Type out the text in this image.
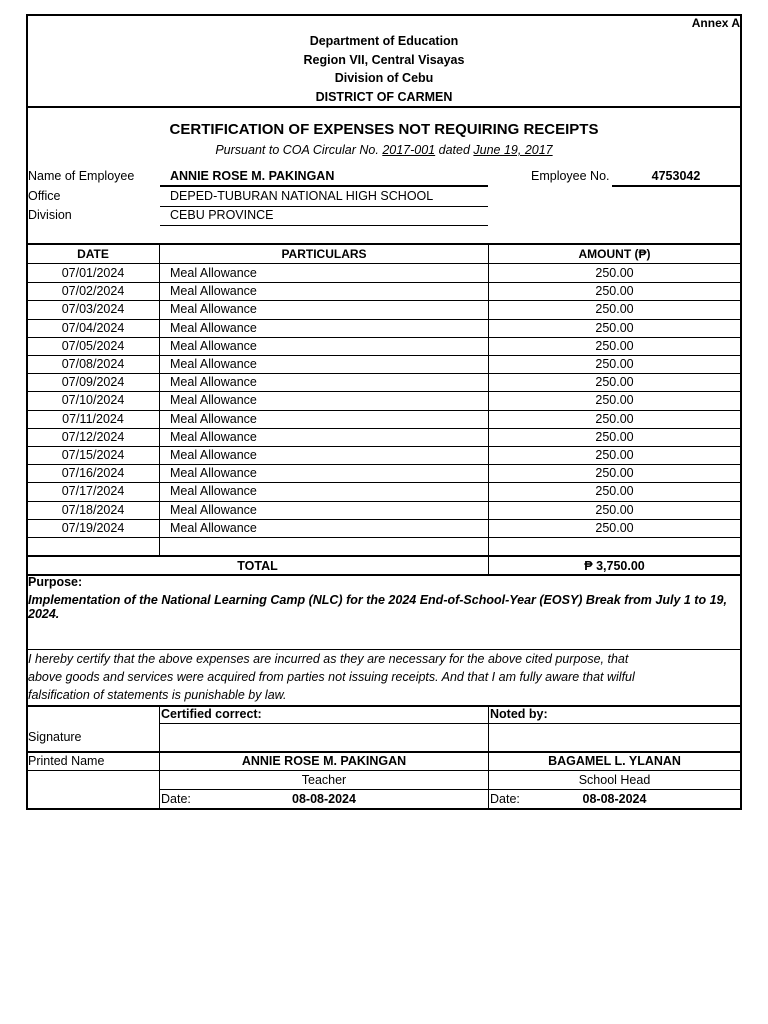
Annex A
Department of Education
Region VII, Central Visayas
Division of Cebu
DISTRICT OF CARMEN
CERTIFICATION OF EXPENSES NOT REQUIRING RECEIPTS
Pursuant to COA Circular No. 2017-001 dated June 19, 2017
Name of Employee	ANNIE ROSE M. PAKINGAN	Employee No.	4753042
Office	DEPED-TUBURAN NATIONAL HIGH SCHOOL
Division	CEBU PROVINCE
DATE	PARTICULARS	AMOUNT (₱)
07/01/2024	Meal Allowance	250.00
07/02/2024	Meal Allowance	250.00
07/03/2024	Meal Allowance	250.00
07/04/2024	Meal Allowance	250.00
07/05/2024	Meal Allowance	250.00
07/08/2024	Meal Allowance	250.00
07/09/2024	Meal Allowance	250.00
07/10/2024	Meal Allowance	250.00
07/11/2024	Meal Allowance	250.00
07/12/2024	Meal Allowance	250.00
07/15/2024	Meal Allowance	250.00
07/16/2024	Meal Allowance	250.00
07/17/2024	Meal Allowance	250.00
07/18/2024	Meal Allowance	250.00
07/19/2024	Meal Allowance	250.00
TOTAL	₱ 3,750.00
Purpose:
Implementation of the National Learning Camp (NLC) for the 2024 End-of-School-Year (EOSY) Break from July 1 to 19, 2024.
I hereby certify that the above expenses are incurred as they are necessary for the above cited purpose, that
above goods and services were acquired from parties not issuing receipts. And that I am fully aware that wilful
falsification of statements is punishable by law.
Certified correct:	Noted by:
Signature
Printed Name	ANNIE ROSE M. PAKINGAN	BAGAMEL L. YLANAN
Teacher	School Head
Date:	08-08-2024	Date:	08-08-2024
